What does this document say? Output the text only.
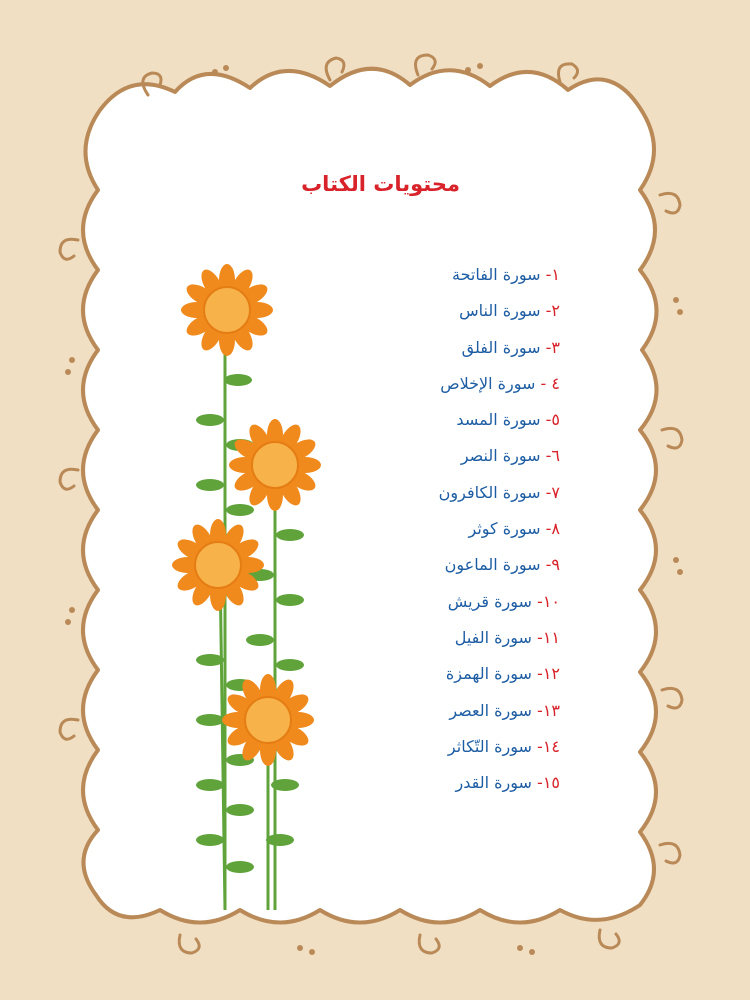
محتويات الكتاب
١- سورة الفاتحة
٢- سورة الناس
٣- سورة الفلق
٤ - سورة الإخلاص
٥- سورة المسد
٦- سورة النصر
٧- سورة الكافرون
٨- سورة كوثر
٩- سورة الماعون
١٠- سورة قريش
١١- سورة الفيل
١٢- سورة الهمزة
١٣- سورة العصر
١٤- سورة التّكاثر
١٥- سورة القدر
